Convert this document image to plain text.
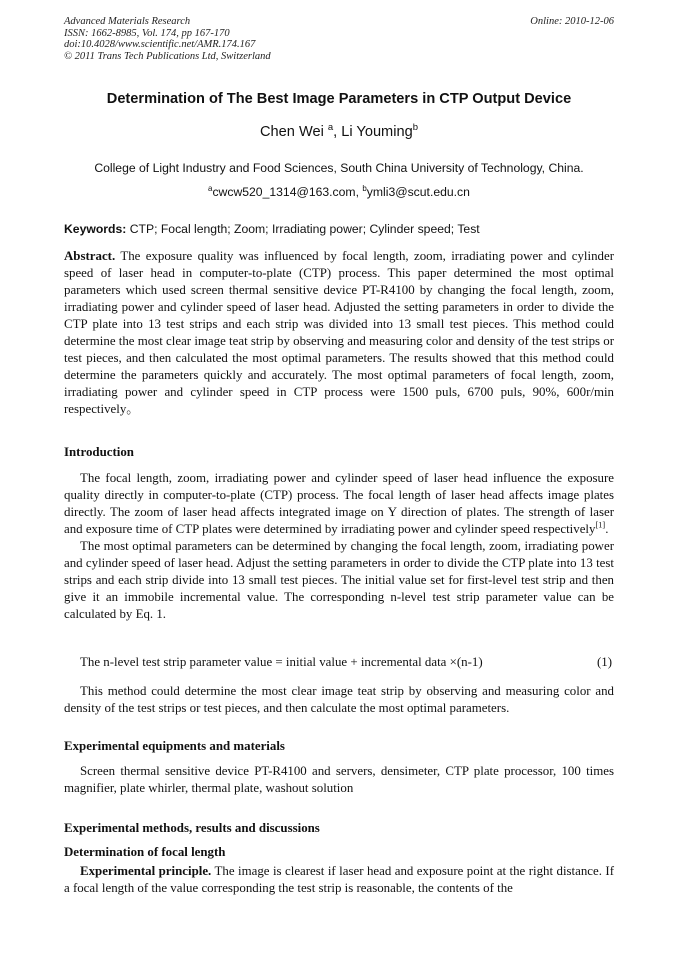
Advanced Materials Research
ISSN: 1662-8985, Vol. 174, pp 167-170
doi:10.4028/www.scientific.net/AMR.174.167
© 2011 Trans Tech Publications Ltd, Switzerland
Online: 2010-12-06
Determination of The Best Image Parameters in CTP Output Device
Chen Wei $^a$, Li Youming$^b$
College of Light Industry and Food Sciences, South China University of Technology, China.
$^a$cwcw520_1314@163.com, $^b$ymli3@scut.edu.cn
Keywords: CTP; Focal length; Zoom; Irradiating power; Cylinder speed; Test

Abstract. The exposure quality was influenced by focal length, zoom, irradiating power and cylinder speed of laser head in computer-to-plate (CTP) process. This paper determined the most optimal parameters which used screen thermal sensitive device PT-R4100 by changing the focal length, zoom, irradiating power and cylinder speed of laser head. Adjusted the setting parameters in order to divide the CTP plate into 13 test strips and each strip was divided into 13 small test pieces. This method could determine the most clear image teat strip by observing and measuring color and density of the test strips or test pieces, and then calculated the most optimal parameters. The results showed that this method could determine the parameters quickly and accurately. The most optimal parameters of focal length, zoom, irradiating power and cylinder speed in CTP process were 1500 puls, 6700 puls, 90%, 600r/min respectively。

Introduction

The focal length, zoom, irradiating power and cylinder speed of laser head influence the exposure quality directly in computer-to-plate (CTP) process. The focal length of laser head affects image plates directly. The zoom of laser head affects integrated image on Y direction of plates. The strength of laser and exposure time of CTP plates were determined by irradiating power and cylinder speed respectively[1].

The most optimal parameters can be determined by changing the focal length, zoom, irradiating power and cylinder speed of laser head. Adjust the setting parameters in order to divide the CTP plate into 13 test strips and each strip divide into 13 small test pieces. The initial value set for first-level test strip and then give it an immobile incremental value. The corresponding n-level test strip parameter value can be calculated by Eq. 1.

The n-level test strip parameter value = initial value + incremental data ×(n-1)	(1)

This method could determine the most clear image teat strip by observing and measuring color and density of the test strips or test pieces, and then calculate the most optimal parameters.

Experimental equipments and materials

Screen thermal sensitive device PT-R4100 and servers, densimeter, CTP plate processor, 100 times magnifier, plate whirler, thermal plate, washout solution

Experimental methods, results and discussions
Determination of focal length

Experimental principle. The image is clearest if laser head and exposure point at the right distance. If a focal length of the value corresponding the test strip is reasonable, the contents of the
